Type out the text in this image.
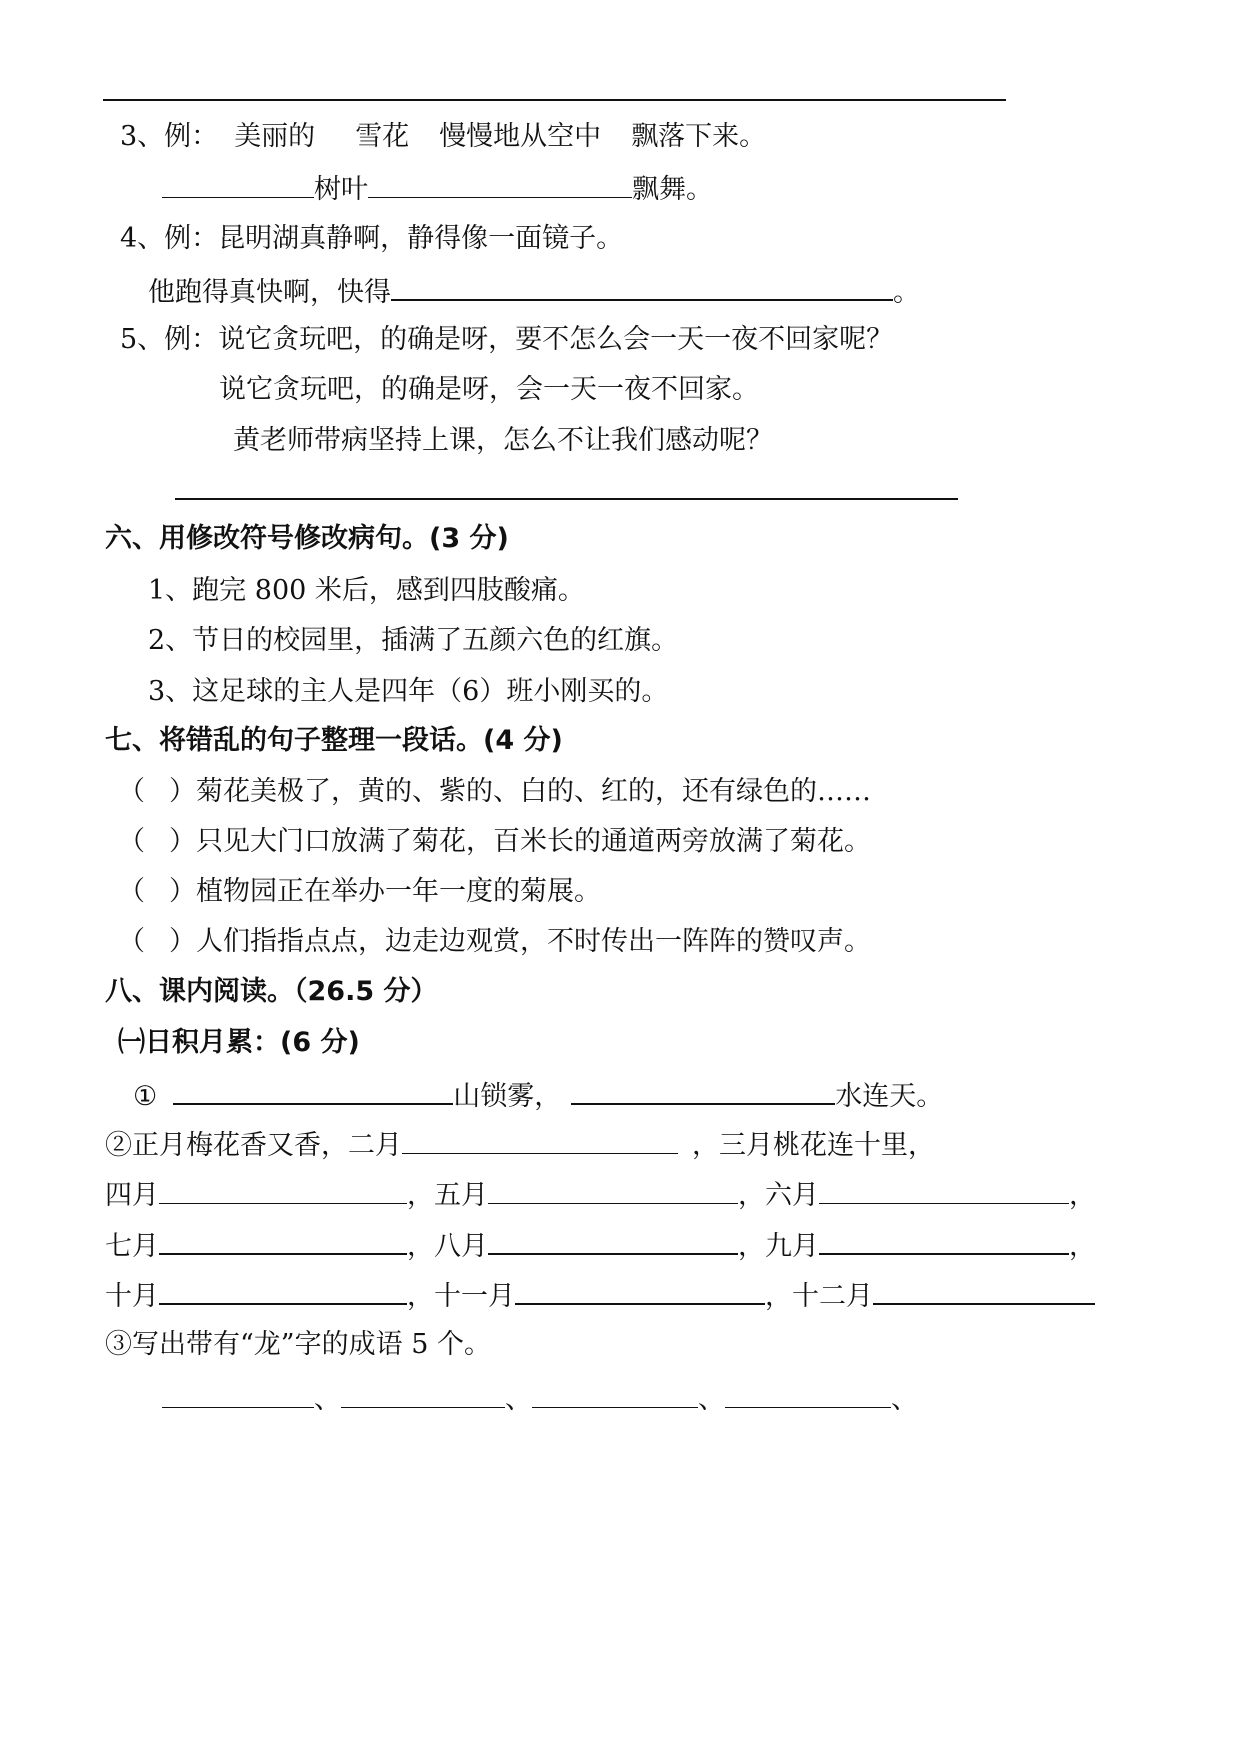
3、例： 美丽的 雪花 慢慢地从空中 飘落下来。
树叶	飘舞。
4、例：昆明湖真静啊，静得像一面镜子。
他跑得真快啊，快得	。
5、例：说它贪玩吧，的确是呀，要不怎么会一天一夜不回家呢？
说它贪玩吧，的确是呀，会一天一夜不回家。
黄老师带病坚持上课，怎么不让我们感动呢？
六、用修改符号修改病句。(3 分)
1、跑完 800 米后，感到四肢酸痛。
2、节日的校园里，插满了五颜六色的红旗。
3、这足球的主人是四年（6）班小刚买的。
七、将错乱的句子整理一段话。(4 分)
（ ）菊花美极了，黄的、紫的、白的、红的，还有绿色的……
（ ）只见大门口放满了菊花，百米长的通道两旁放满了菊花。
（ ）植物园正在举办一年一度的菊展。
（ ）人们指指点点，边走边观赏，不时传出一阵阵的赞叹声。
八、课内阅读。（26.5 分）
㈠日积月累：(6 分)
①	山锁雾，	水连天。
②正月梅花香又香，二月	，三月桃花连十里，
四月	，五月	，六月	，
七月	，八月	，九月	，
十月	，十一月	，十二月
③写出带有“龙”字的成语 5 个。
、	、	、	、
